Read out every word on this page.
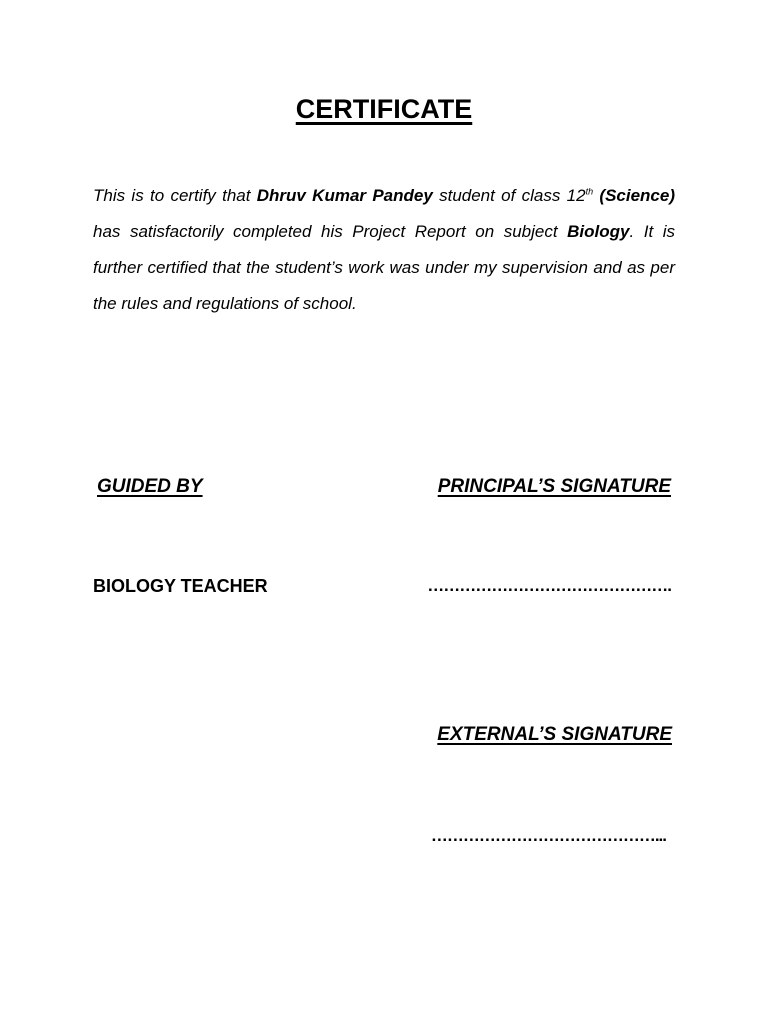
CERTIFICATE
This is to certify that Dhruv Kumar Pandey student of class 12th (Science) has satisfactorily completed his Project Report on subject Biology. It is further certified that the student’s work was under my supervision and as per the rules and regulations of school.
GUIDED BY	PRINCIPAL’S SIGNATURE
BIOLOGY TEACHER	……………………………………….
EXTERNAL’S SIGNATURE
……………………………………...
